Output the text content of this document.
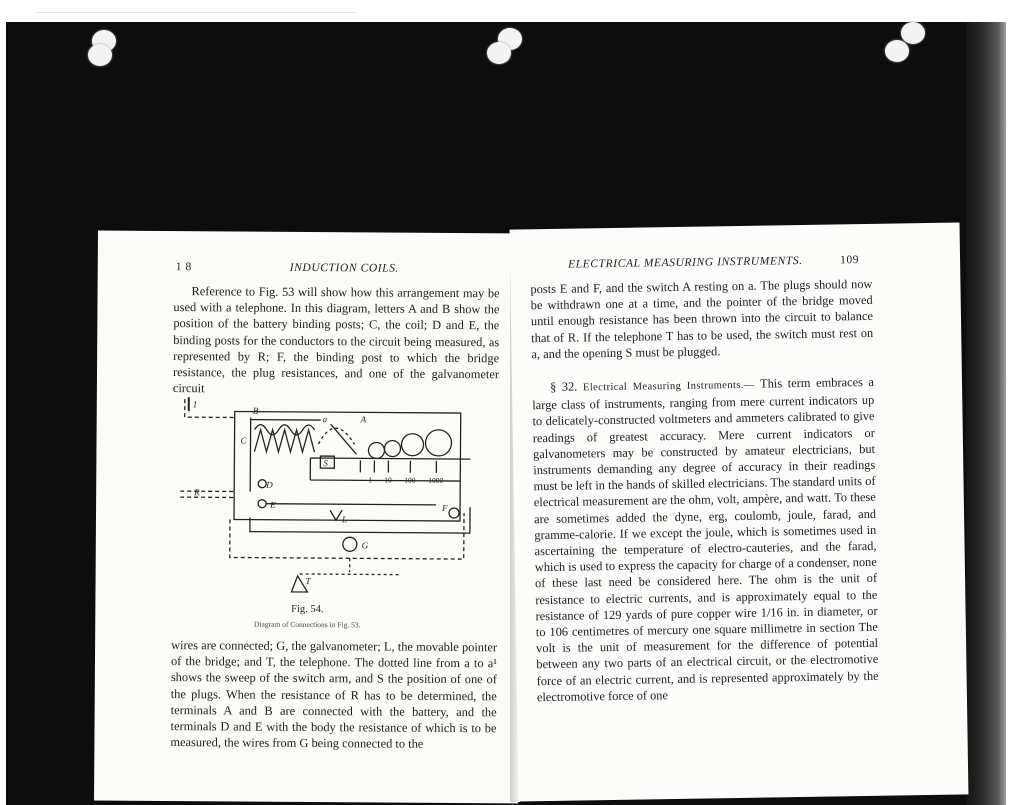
1 8	INDUCTION COILS.

Reference to Fig. 53 will show how this arrangement may be used with a telephone. In this diagram, letters A and B show the position of the battery binding posts; C, the coil; D and E, the binding posts for the conductors to the circuit being measured, as represented by R; F, the binding post to which the bridge resistance, the plug resistances, and one of the galvanometer circuit

1
B
a	A
C
S
D
R
E	F
L
G
T
1 10 100 1000
Fig. 54.
Diagram of Connections in Fig. 53.

wires are connected; G, the galvanometer; L, the movable pointer of the bridge; and T, the telephone. The dotted line from a to a¹ shows the sweep of the switch arm, and S the position of one of the plugs. When the resistance of R has to be determined, the terminals A and B are connected with the battery, and the terminals D and E with the body the resistance of which is to be measured, the wires from G being connected to the

ELECTRICAL MEASURING INSTRUMENTS.	109

posts E and F, and the switch A resting on a. The plugs should now be withdrawn one at a time, and the pointer of the bridge moved until enough resistance has been thrown into the circuit to balance that of R. If the telephone T has to be used, the switch must rest on a, and the opening S must be plugged.

§ 32. Electrical Measuring Instruments.— This term embraces a large class of instruments, ranging from mere current indicators up to delicately-constructed voltmeters and ammeters calibrated to give readings of greatest accuracy. Mere current indicators or galvanometers may be constructed by amateur electricians, but instruments demanding any degree of accuracy in their readings must be left in the hands of skilled electricians. The standard units of electrical measurement are the ohm, volt, ampère, and watt. To these are sometimes added the dyne, erg, coulomb, joule, farad, and gramme-calorie. If we except the joule, which is sometimes used in ascertaining the temperature of electro-cauteries, and the farad, which is used to express the capacity for charge of a condenser, none of these last need be considered here. The ohm is the unit of resistance to electric currents, and is approximately equal to the resistance of 129 yards of pure copper wire 1/16 in. in diameter, or to 106 centimetres of mercury one square millimetre in section The volt is the unit of measurement for the difference of potential between any two parts of an electrical circuit, or the electromotive force of an electric current, and is represented approximately by the electromotive force of one
